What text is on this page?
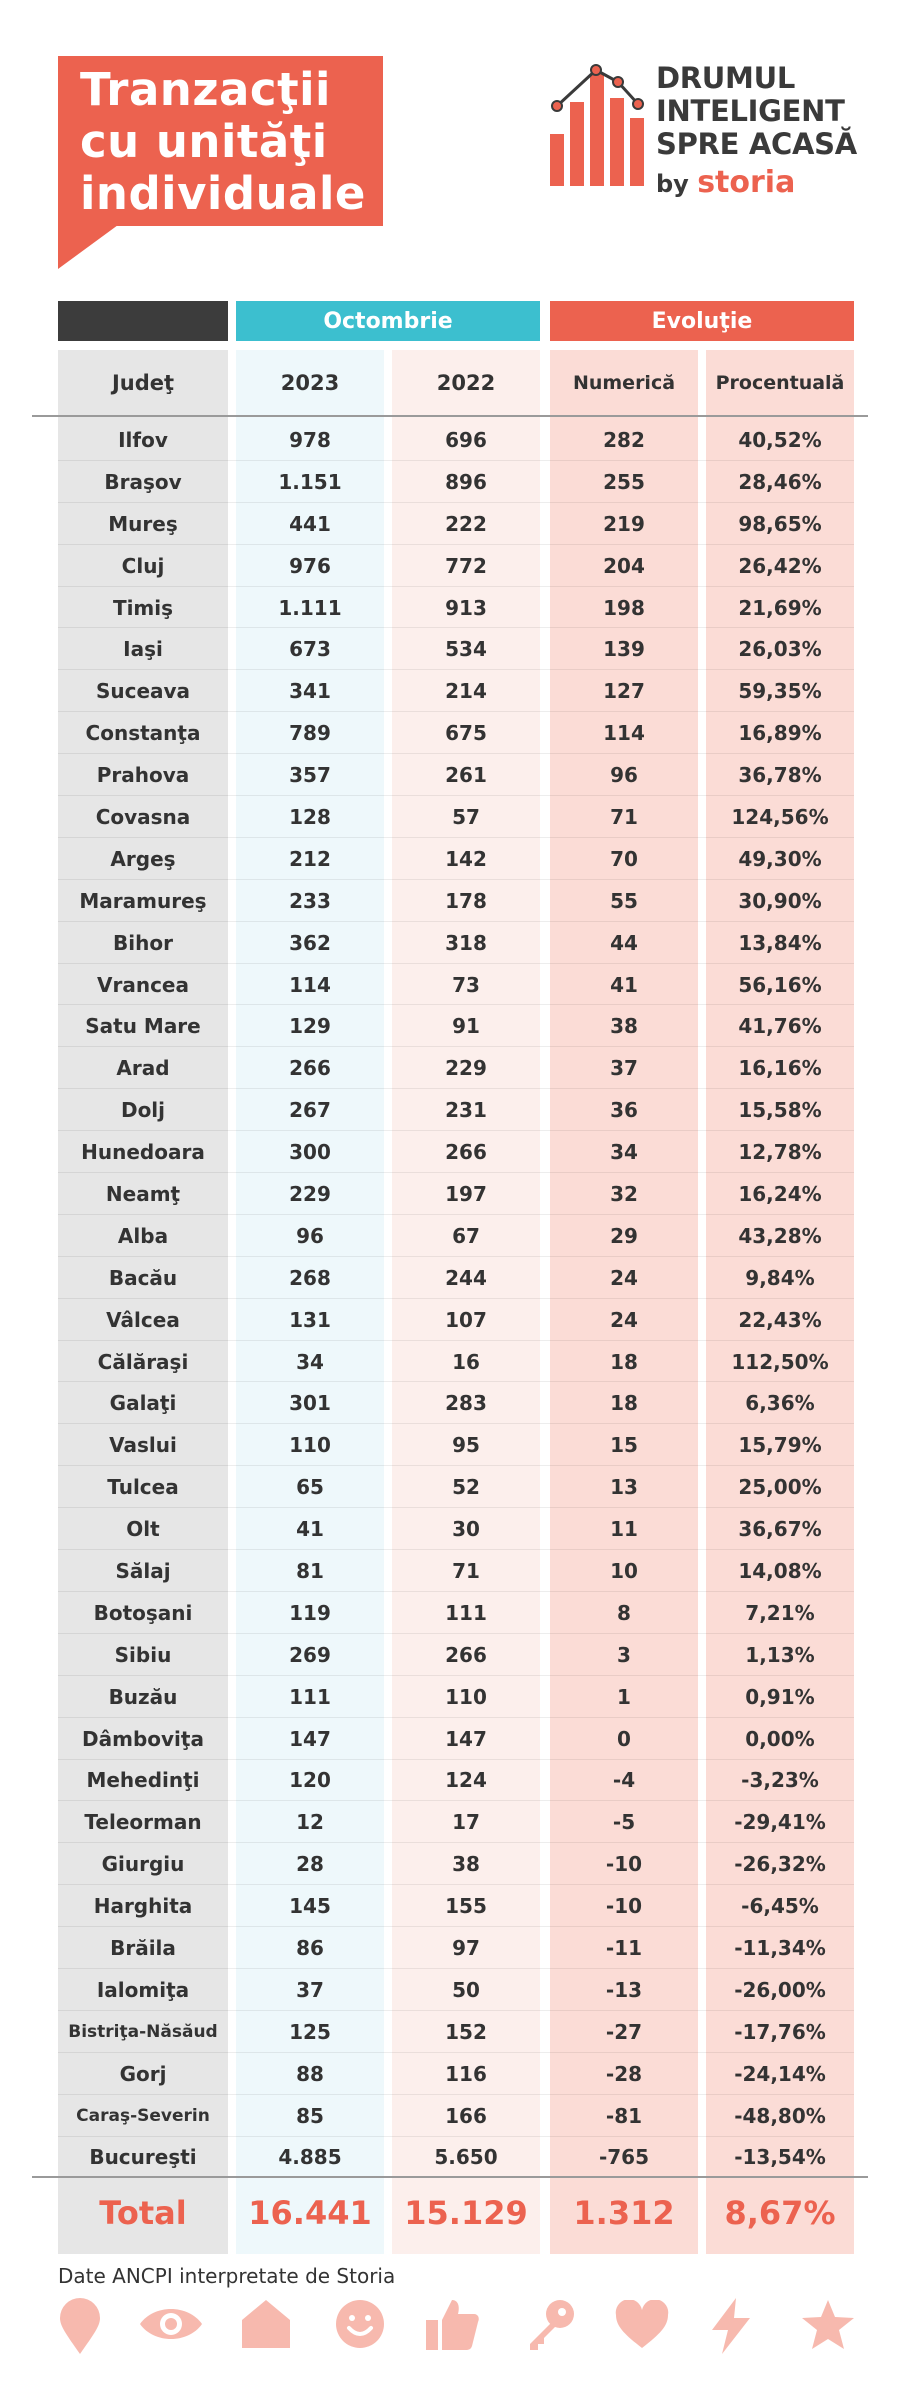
Tranzacţii
cu unităţi
individuale
DRUMUL
INTELIGENT
SPRE ACASĂ
by storia
Octombrie	Evoluţie
Judeţ	2023	2022	Numerică	Procentuală
Ilfov	978	696	282	40,52%
Braşov	1.151	896	255	28,46%
Mureş	441	222	219	98,65%
Cluj	976	772	204	26,42%
Timiş	1.111	913	198	21,69%
Iaşi	673	534	139	26,03%
Suceava	341	214	127	59,35%
Constanţa	789	675	114	16,89%
Prahova	357	261	96	36,78%
Covasna	128	57	71	124,56%
Argeş	212	142	70	49,30%
Maramureş	233	178	55	30,90%
Bihor	362	318	44	13,84%
Vrancea	114	73	41	56,16%
Satu Mare	129	91	38	41,76%
Arad	266	229	37	16,16%
Dolj	267	231	36	15,58%
Hunedoara	300	266	34	12,78%
Neamţ	229	197	32	16,24%
Alba	96	67	29	43,28%
Bacău	268	244	24	9,84%
Vâlcea	131	107	24	22,43%
Călăraşi	34	16	18	112,50%
Galaţi	301	283	18	6,36%
Vaslui	110	95	15	15,79%
Tulcea	65	52	13	25,00%
Olt	41	30	11	36,67%
Sălaj	81	71	10	14,08%
Botoşani	119	111	8	7,21%
Sibiu	269	266	3	1,13%
Buzău	111	110	1	0,91%
Dâmboviţa	147	147	0	0,00%
Mehedinţi	120	124	-4	-3,23%
Teleorman	12	17	-5	-29,41%
Giurgiu	28	38	-10	-26,32%
Harghita	145	155	-10	-6,45%
Brăila	86	97	-11	-11,34%
Ialomiţa	37	50	-13	-26,00%
Bistriţa-Năsăud	125	152	-27	-17,76%
Gorj	88	116	-28	-24,14%
Caraş-Severin	85	166	-81	-48,80%
Bucureşti	4.885	5.650	-765	-13,54%
Total	16.441	15.129	1.312	8,67%
Date ANCPI interpretate de Storia
